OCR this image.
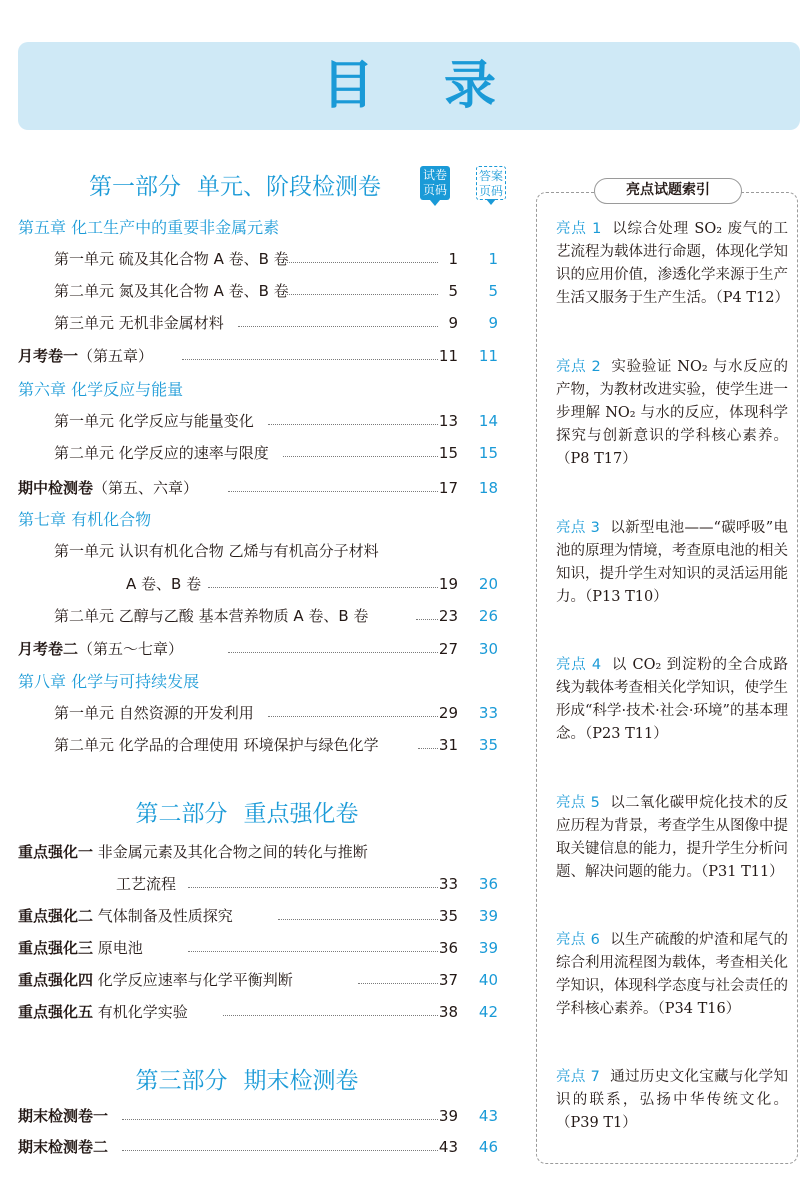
目 录
第一部分 单元、阶段检测卷	试卷
页码
答案
页码
第五章 化工生产中的重要非金属元素
第一单元 硫及其化合物 A 卷、B 卷	1	1
第二单元 氮及其化合物 A 卷、B 卷	5	5
第三单元 无机非金属材料	9	9
月考卷一（第五章）	11	11
第六章 化学反应与能量
第一单元 化学反应与能量变化	13	14
第二单元 化学反应的速率与限度	15	15
期中检测卷（第五、六章）	17	18
第七章 有机化合物
第一单元 认识有机化合物 乙烯与有机高分子材料
A 卷、B 卷	19	20
第二单元 乙醇与乙酸 基本营养物质 A 卷、B 卷	23	26
月考卷二（第五～七章）	27	30
第八章 化学与可持续发展
第一单元 自然资源的开发利用	29	33
第二单元 化学品的合理使用 环境保护与绿色化学	31	35
第二部分 重点强化卷
重点强化一 非金属元素及其化合物之间的转化与推断
工艺流程	33	36
重点强化二 气体制备及性质探究	35	39
重点强化三 原电池	36	39
重点强化四 化学反应速率与化学平衡判断	37	40
重点强化五 有机化学实验	38	42
第三部分 期末检测卷
期末检测卷一	39	43
期末检测卷二	43	46
亮点试题索引
亮点 1 以综合处理 SO₂ 废气的工艺流程为载体进行命题，体现化学知识的应用价值，渗透化学来源于生产生活又服务于生产生活。（P4 T12）
亮点 2 实验验证 NO₂ 与水反应的产物，为教材改进实验，使学生进一步理解 NO₂ 与水的反应，体现科学探究与创新意识的学科核心素养。（P8 T17）
亮点 3 以新型电池——“碳呼吸”电池的原理为情境，考查原电池的相关知识，提升学生对知识的灵活运用能力。（P13 T10）
亮点 4 以 CO₂ 到淀粉的全合成路线为载体考查相关化学知识，使学生形成“科学·技术·社会·环境”的基本理念。（P23 T11）
亮点 5 以二氧化碳甲烷化技术的反应历程为背景，考查学生从图像中提取关键信息的能力，提升学生分析问题、解决问题的能力。（P31 T11）
亮点 6 以生产硫酸的炉渣和尾气的综合利用流程图为载体，考查相关化学知识，体现科学态度与社会责任的学科核心素养。（P34 T16）
亮点 7 通过历史文化宝藏与化学知识的联系，弘扬中华传统文化。（P39 T1）
